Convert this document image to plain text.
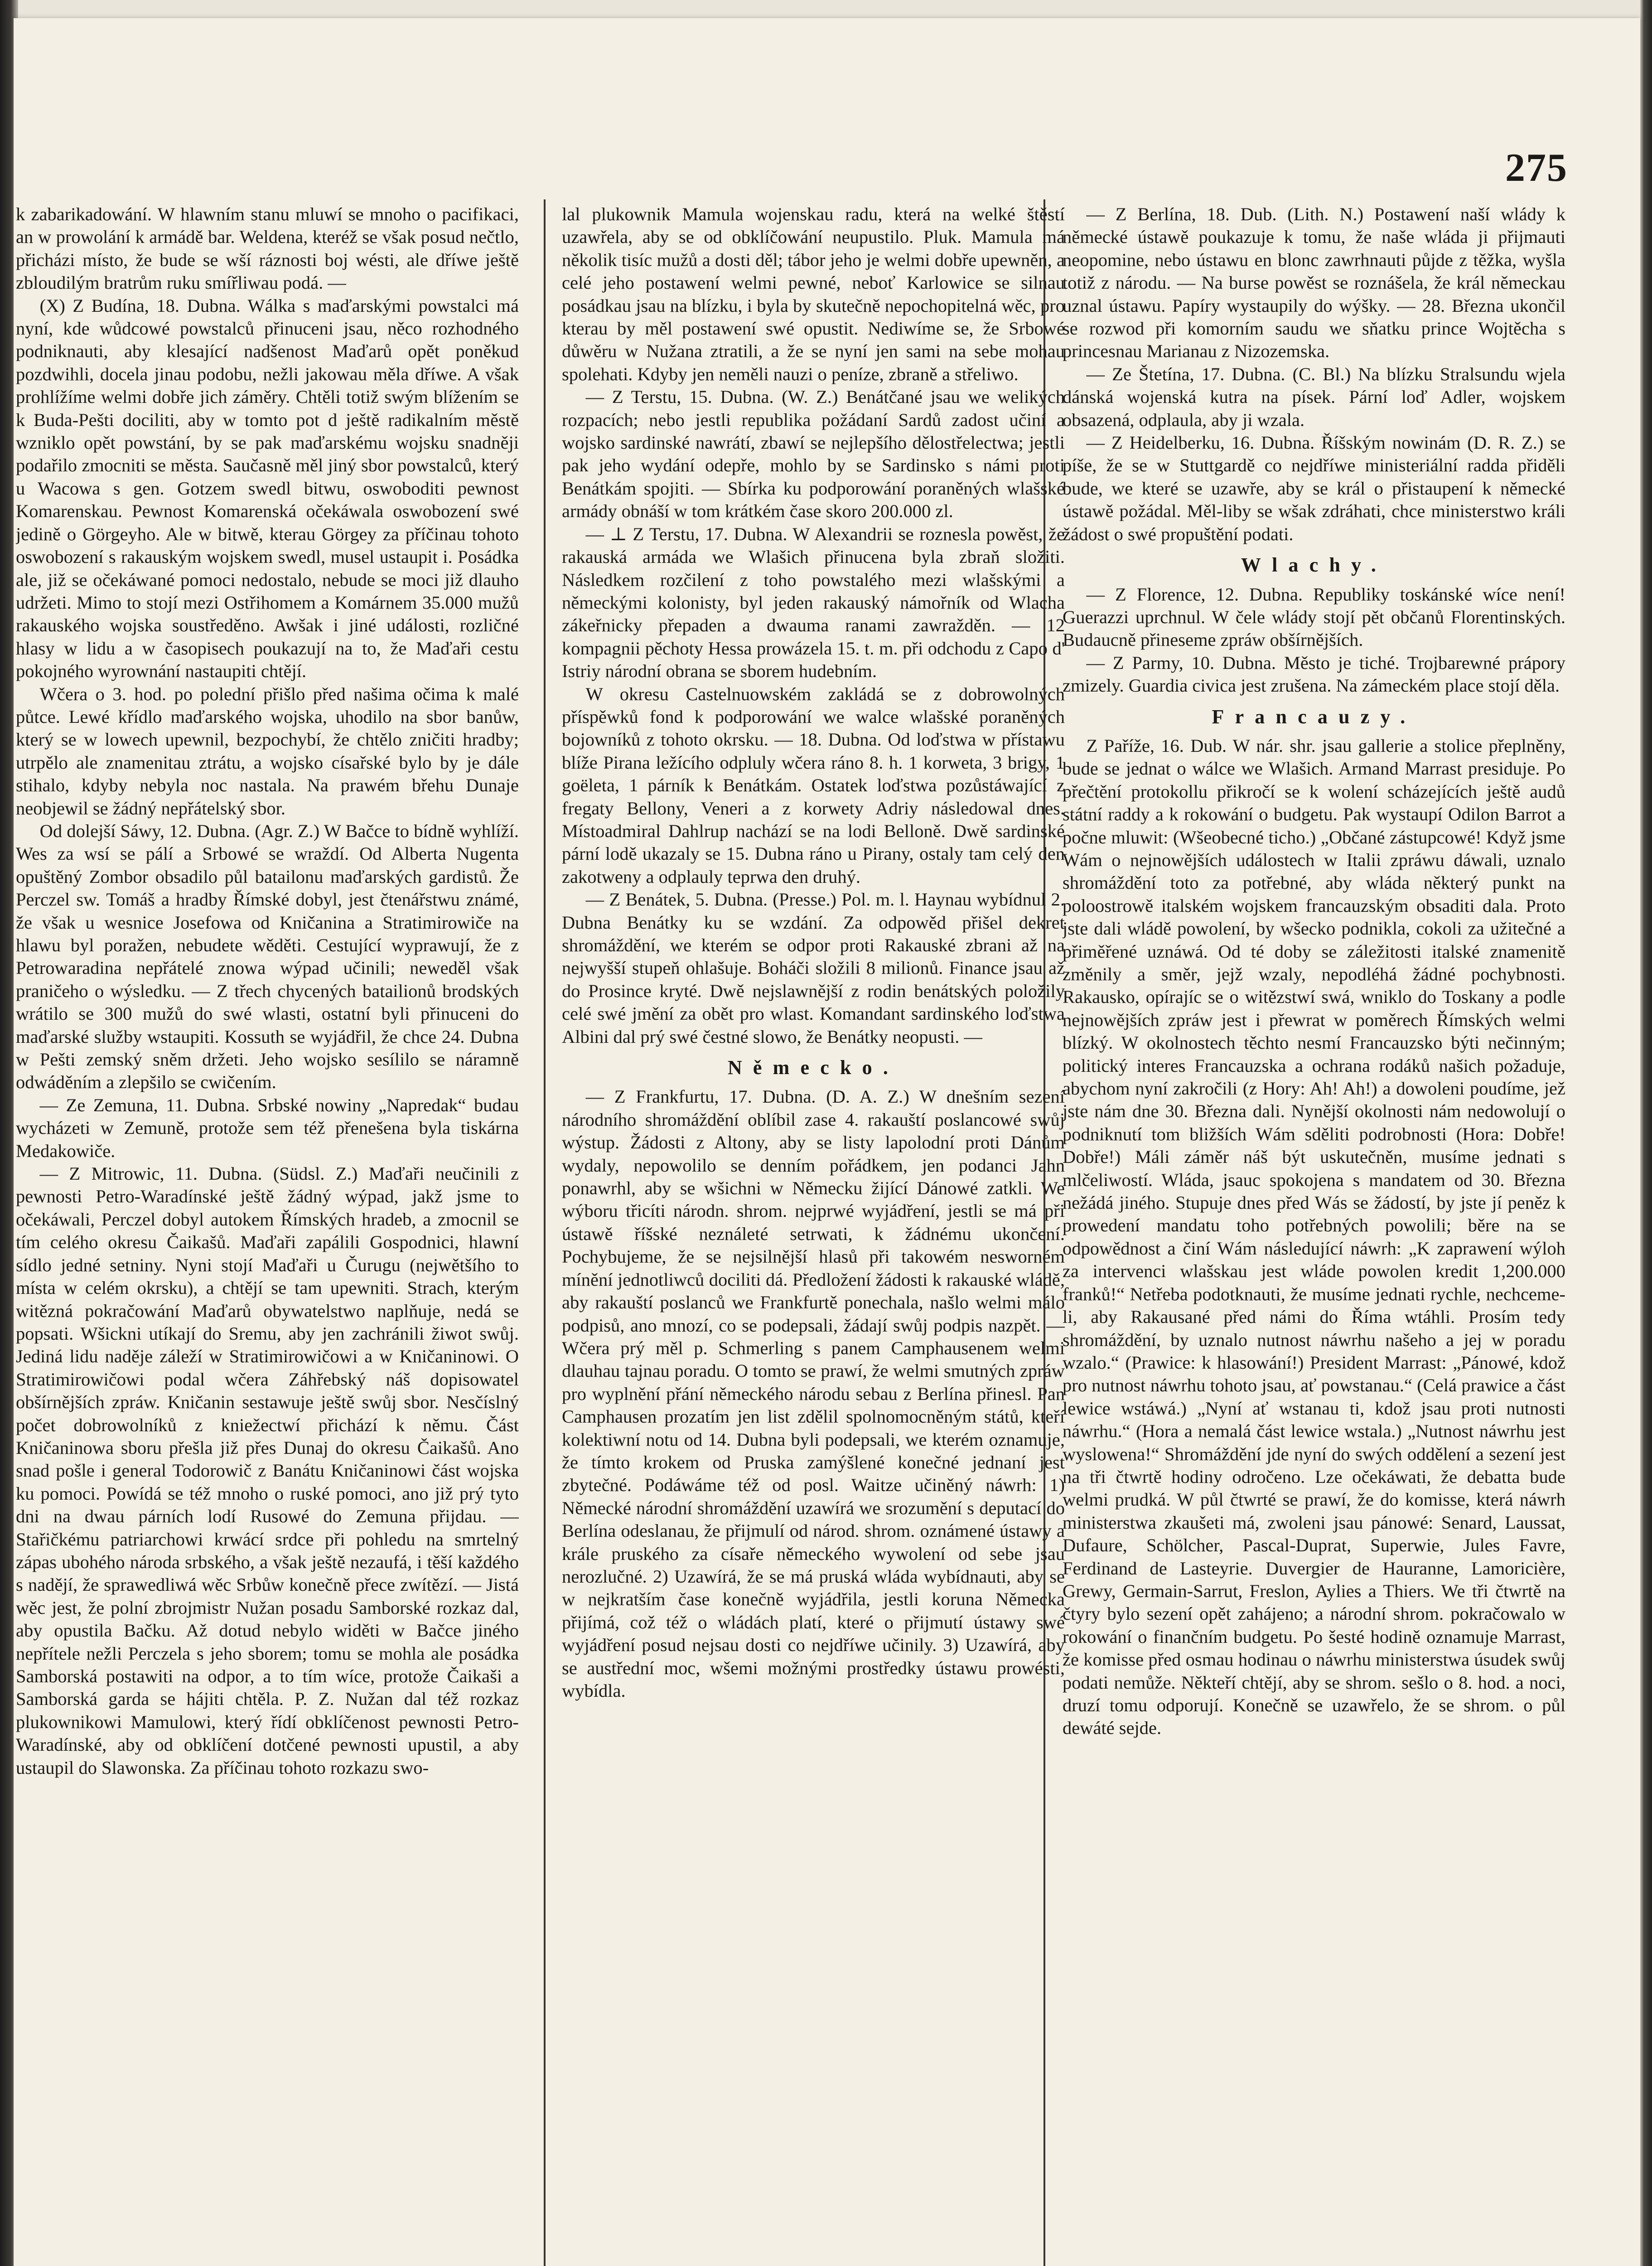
275

k zabarikadowání. W hlawním stanu mluwí se mnoho o pacifikaci, an w prowolání k armádě bar. Weldena, kteréž se však posud nečtlo, přicházi místo, že bude se wší ráznosti boj wésti, ale dříwe ještě zbloudilým bratrům ruku smířliwau podá. —

(X) Z Budína, 18. Dubna. Wálka s maďarskými powstalci má nyní, kde wůdcowé powstalců přinuceni jsau, něco rozhodného podniknauti, aby klesající nadšenost Maďarů opět poněkud pozdwihli, docela jinau podobu, nežli jakowau měla dříwe. A však prohlížíme welmi dobře jich záměry. Chtěli totiž swým blížením se k Buda-Pešti dociliti, aby w tomto pot d ještě radikalním městě wzniklo opět powstání, by se pak maďarskému wojsku snadněji podařilo zmocniti se města. Saučasně měl jiný sbor powstalců, který u Wacowa s gen. Gotzem swedl bitwu, oswoboditi pewnost Komarenskau. Pewnost Komarenská očekáwala oswobození swé jedině o Görgeyho. Ale w bitwě, kterau Görgey za příčinau tohoto oswobození s rakauským wojskem swedl, musel ustaupit i. Posádka ale, již se očekáwané pomoci nedostalo, nebude se moci již dlauho udržeti. Mimo to stojí mezi Ostřihomem a Komárnem 35.000 mužů rakauského wojska soustředěno. Awšak i jiné události, rozličné hlasy w lidu a w časopisech poukazují na to, že Maďaři cestu pokojného wyrownání nastaupiti chtějí.

Wčera o 3. hod. po polední přišlo před našima očima k malé půtce. Lewé křídlo maďarského wojska, uhodilo na sbor banůw, který se w lowech upewnil, bezpochybí, že chtělo zničiti hradby; utrpělo ale znamenitau ztrátu, a wojsko císařské bylo by je dále stihalo, kdyby nebyla noc nastala. Na prawém břehu Dunaje neobjewil se žádný nepřátelský sbor.

Od dolejší Sáwy, 12. Dubna. (Agr. Z.) W Bačce to bídně wyhlíží. Wes za wsí se pálí a Srbowé se wraždí. Od Alberta Nugenta opuštěný Zombor obsadilo půl batailonu maďarských gardistů. Že Perczel sw. Tomáš a hradby Římské dobyl, jest čtenářstwu známé, že však u wesnice Josefowa od Kničanina a Stratimirowiče na hlawu byl poražen, nebudete wěděti. Cestující wyprawují, že z Petrowaradina nepřátelé znowa wýpad učinili; neweděl však praničeho o wýsledku. — Z třech chycených batailionů brodských wrátilo se 300 mužů do swé wlasti, ostatní byli přinuceni do maďarské služby wstaupiti. Kossuth se wyjádřil, že chce 24. Dubna w Pešti zemský sněm držeti. Jeho wojsko sesílilo se náramně odwáděním a zlepšilo se cwičením.

— Ze Zemuna, 11. Dubna. Srbské nowiny „Napredak“ budau wycházeti w Zemuně, protože sem též přenešena byla tiskárna Medakowiče.

— Z Mitrowic, 11. Dubna. (Südsl. Z.) Maďaři neučinili z pewnosti Petro-Waradínské ještě žádný wýpad, jakž jsme to očekáwali, Perczel dobyl autokem Římských hradeb, a zmocnil se tím celého okresu Čaikašů. Maďaři zapálili Gospodnici, hlawní sídlo jedné setniny. Nyni stojí Maďaři u Čurugu (nejwětšího to místa w celém okrsku), a chtějí se tam upewniti. Strach, kterým witězná pokračowání Maďarů obywatelstwo naplňuje, nedá se popsati. Wšickni utíkají do Sremu, aby jen zachránili žiwot swůj. Jediná lidu naděje záleží w Stratimirowičowi a w Kničaninowi. O Stratimirowičowi podal wčera Záhřebský náš dopisowatel obšírnějších zpráw. Kničanin sestawuje ještě swůj sbor. Nesčíslný počet dobrowolníků z kniežectwí přichází k němu. Část Kničaninowa sboru přešla již přes Dunaj do okresu Čaikašů. Ano snad pošle i general Todorowič z Banátu Kničaninowi část wojska ku pomoci. Powídá se též mnoho o ruské pomoci, ano již prý tyto dni na dwau párních lodí Rusowé do Zemuna přijdau. — Stařičkému patriarchowi krwácí srdce při pohledu na smrtelný zápas ubohého národa srbského, a však ještě nezaufá, i těší každého s nadějí, že sprawedliwá wěc Srbůw konečně přece zwítězí. — Jistá wěc jest, že polní zbrojmistr Nužan posadu Samborské rozkaz dal, aby opustila Bačku. Až dotud nebylo widěti w Bačce jiného nepřítele nežli Perczela s jeho sborem; tomu se mohla ale posádka Samborská postawiti na odpor, a to tím wíce, protože Čaikaši a Samborská garda se hájiti chtěla. P. Z. Nužan dal též rozkaz plukownikowi Mamulowi, který řídí obklíčenost pewnosti Petro-Waradínské, aby od obklíčení dotčené pewnosti upustil, a aby ustaupil do Slawonska. Za příčinau tohoto rozkazu swo-

lal plukownik Mamula wojenskau radu, která na welké štěstí uzawřela, aby se od obklíčowání neupustilo. Pluk. Mamula má několik tisíc mužů a dosti děl; tábor jeho je welmi dobře upewněn, a celé jeho postawení welmi pewné, neboť Karlowice se silnau posádkau jsau na blízku, i byla by skutečně nepochopitelná wěc, pro kterau by měl postawení swé opustit. Nediwíme se, že Srbowé důwěru w Nužana ztratili, a že se nyní jen sami na sebe mohau spolehati. Kdyby jen neměli nauzi o peníze, zbraně a střeliwo.

— Z Terstu, 15. Dubna. (W. Z.) Benátčané jsau we welikých rozpacích; nebo jestli republika požádaní Sardů zadost učiní a wojsko sardinské nawrátí, zbawí se nejlepšího dělostřelectwa; jestli pak jeho wydání odepře, mohlo by se Sardinsko s námi proti Benátkám spojiti. — Sbírka ku podporowání poraněných wlašské armády obnáší w tom krátkém čase skoro 200.000 zl.

— ⊥ Z Terstu, 17. Dubna. W Alexandrii se roznesla powěst, že rakauská armáda we Wlašich přinucena byla zbraň složiti. Následkem rozčilení z toho powstalého mezi wlašskými a německými kolonisty, byl jeden rakauský námořník od Wlacha zákeřnicky přepaden a dwauma ranami zawražděn. — 12 kompagnii pěchoty Hessa prowázela 15. t. m. při odchodu z Capo d' Istriy národní obrana se sborem hudebním.

W okresu Castelnuowském zakládá se z dobrowolných příspěwků fond k podporowání we walce wlašské poraněných bojowníků z tohoto okrsku. — 18. Dubna. Od loďstwa w přístawu blíže Pirana ležícího odpluly wčera ráno 8. h. 1 korweta, 3 brigy, 1 goëleta, 1 párník k Benátkám. Ostatek loďstwa pozůstáwající z fregaty Bellony, Veneri a z korwety Adriy následowal dnes. Místoadmiral Dahlrup nachází se na lodi Belloně. Dwě sardinské pární lodě ukazaly se 15. Dubna ráno u Pirany, ostaly tam celý den zakotweny a odplauly teprwa den druhý.

— Z Benátek, 5. Dubna. (Presse.) Pol. m. l. Haynau wybídnul 2. Dubna Benátky ku se wzdání. Za odpowěd přišel dekret shromáždění, we kterém se odpor proti Rakauské zbrani až na nejwyšší stupeň ohlašuje. Boháči složili 8 milionů. Finance jsau až do Prosince kryté. Dwě nejslawnější z rodin benátských položily celé swé jmění za obět pro wlast. Komandant sardinského loďstwa Albini dal prý swé čestné slowo, že Benátky neopusti. —

Německo.

— Z Frankfurtu, 17. Dubna. (D. A. Z.) W dnešním sezení národního shromáždění oblíbil zase 4. rakauští poslancowé swůj wýstup. Žádosti z Altony, aby se listy lapolodní proti Dánům wydaly, nepowolilo se denním pořádkem, jen podanci Jahn ponawrhl, aby se wšichni w Německu žijící Dánowé zatkli. We wýboru třicíti národn. shrom. nejprwé wyjádření, jestli se má při ústawě říšské neználeté setrwati, k žádnému ukončení. Pochybujeme, že se nejsilnější hlasů při takowém nesworném mínění jednotliwců dociliti dá. Předložení žádosti k rakauské wládě, aby rakauští poslanců we Frankfurtě ponechala, našlo welmi málo podpisů, ano mnozí, co se podepsali, žádají swůj podpis nazpět. — Wčera prý měl p. Schmerling s panem Camphausenem welmi dlauhau tajnau poradu. O tomto se prawí, že welmi smutných zpráw pro wyplnění přání německého národu sebau z Berlína přinesl. Pan Camphausen prozatím jen list zdělil spolnomocněným států, kteří kolektiwní notu od 14. Dubna byli podepsali, we kterém oznamuje, že tímto krokem od Pruska zamýšlené konečné jednaní jest zbytečné. Podáwáme též od posl. Waitze učiněný náwrh: 1) Německé národní shromáždění uzawírá we srozumění s deputací do Berlína odeslanau, že přijmulí od národ. shrom. oznámené ústawy a krále pruského za císaře německého wywolení od sebe jsau nerozlučné. 2) Uzawírá, že se má pruská wláda wybídnauti, aby se w nejkratším čase konečně wyjádřila, jestli koruna Německa přijímá, což též o wládách platí, které o přijmutí ústawy swé wyjádření posud nejsau dosti co nejdříwe učinily. 3) Uzawírá, aby se austřední moc, wšemi možnými prostředky ústawu prowésti, wybídla.

— Z Berlína, 18. Dub. (Lith. N.) Postawení naší wlády k německé ústawě poukazuje k tomu, že naše wláda ji přijmauti neopomine, nebo ústawu en blonc zawrhnauti půjde z těžka, wyšla totiž z národu. — Na burse powěst se roznášela, že král německau uznal ústawu. Papíry wystaupily do wýšky. — 28. Března ukončil se rozwod při komorním saudu we sňatku prince Wojtěcha s princesnau Marianau z Nizozemska.

— Ze Štetína, 17. Dubna. (C. Bl.) Na blízku Stralsundu wjela dánská wojenská kutra na písek. Pární loď Adler, wojskem obsazená, odplaula, aby ji wzala.

— Z Heidelberku, 16. Dubna. Říšským nowinám (D. R. Z.) se píše, že se w Stuttgardě co nejdříwe ministeriální radda přiděli bude, we které se uzawře, aby se král o přistaupení k německé ústawě požádal. Měl-liby se wšak zdráhati, chce ministerstwo králi žádost o swé propuštění podati.

Wlachy.

— Z Florence, 12. Dubna. Republiky toskánské wíce není! Guerazzi uprchnul. W čele wlády stojí pět občanů Florentinských. Budaucně přineseme zpráw obšírnějších.

— Z Parmy, 10. Dubna. Město je tiché. Trojbarewné prápory zmizely. Guardia civica jest zrušena. Na zámeckém place stojí děla.

Francauzy.

Z Paříže, 16. Dub. W nár. shr. jsau gallerie a stolice přeplněny, bude se jednat o wálce we Wlašich. Armand Marrast presiduje. Po přečtění protokollu přikročí se k wolení scházejících ještě audů státní raddy a k rokowání o budgetu. Pak wystaupí Odilon Barrot a počne mluwit: (Wšeobecné ticho.) „Občané zástupcowé! Když jsme Wám o nejnowějších událostech w Italii zpráwu dáwali, uznalo shromáždění toto za potřebné, aby wláda některý punkt na poloostrowě italském wojskem francauzským obsaditi dala. Proto jste dali wládě powolení, by wšecko podnikla, cokoli za užitečné a přiměřené uznáwá. Od té doby se záležitosti italské znamenitě změnily a směr, jejž wzaly, nepodléhá žádné pochybnosti. Rakausko, opírajíc se o witězstwí swá, wniklo do Toskany a podle nejnowějších zpráw jest i přewrat w poměrech Římských welmi blízký. W okolnostech těchto nesmí Francauzsko býti nečinným; politický interes Francauzska a ochrana rodáků našich požaduje, abychom nyní zakročili (z Hory: Ah! Ah!) a dowoleni poudíme, jež jste nám dne 30. Března dali. Nynější okolnosti nám nedowolují o podniknutí tom bližších Wám sděliti podrobnosti (Hora: Dobře! Dobře!) Máli záměr náš být uskutečněn, musíme jednati s mlčeliwostí. Wláda, jsauc spokojena s mandatem od 30. Března nežádá jiného. Stupuje dnes před Wás se žádostí, by jste jí peněz k prowedení mandatu toho potřebných powolili; běre na se odpowědnost a činí Wám následující náwrh: „K zaprawení wýloh za intervenci wlašskau jest wláde powolen kredit 1,200.000 franků!“ Netřeba podotknauti, že musíme jednati rychle, nechceme-li, aby Rakausané před námi do Říma wtáhli. Prosím tedy shromáždění, by uznalo nutnost náwrhu našeho a jej w poradu wzalo.“ (Prawice: k hlasowání!) President Marrast: „Pánowé, kdož pro nutnost náwrhu tohoto jsau, ať powstanau.“ (Celá prawice a část lewice wstáwá.) „Nyní ať wstanau ti, kdož jsau proti nutnosti náwrhu.“ (Hora a nemalá část lewice wstala.) „Nutnost náwrhu jest wyslowena!“ Shromáždění jde nyní do swých oddělení a sezení jest na tři čtwrtě hodiny odročeno. Lze očekáwati, že debatta bude welmi prudká. W půl čtwrté se prawí, že do komisse, která náwrh ministerstwa zkaušeti má, zwoleni jsau pánowé: Senard, Laussat, Dufaure, Schölcher, Pascal-Duprat, Superwie, Jules Favre, Ferdinand de Lasteyrie. Duvergier de Hauranne, Lamoricière, Grewy, Germain-Sarrut, Freslon, Aylies a Thiers. We tři čtwrtě na čtyry bylo sezení opět zahájeno; a národní shrom. pokračowalo w rokowání o finančním budgetu. Po šesté hodině oznamuje Marrast, že komisse před osmau hodinau o náwrhu ministerstwa úsudek swůj podati nemůže. Někteří chtějí, aby se shrom. sešlo o 8. hod. a noci, druzí tomu odporují. Konečně se uzawřelo, že se shrom. o půl dewáté sejde.
